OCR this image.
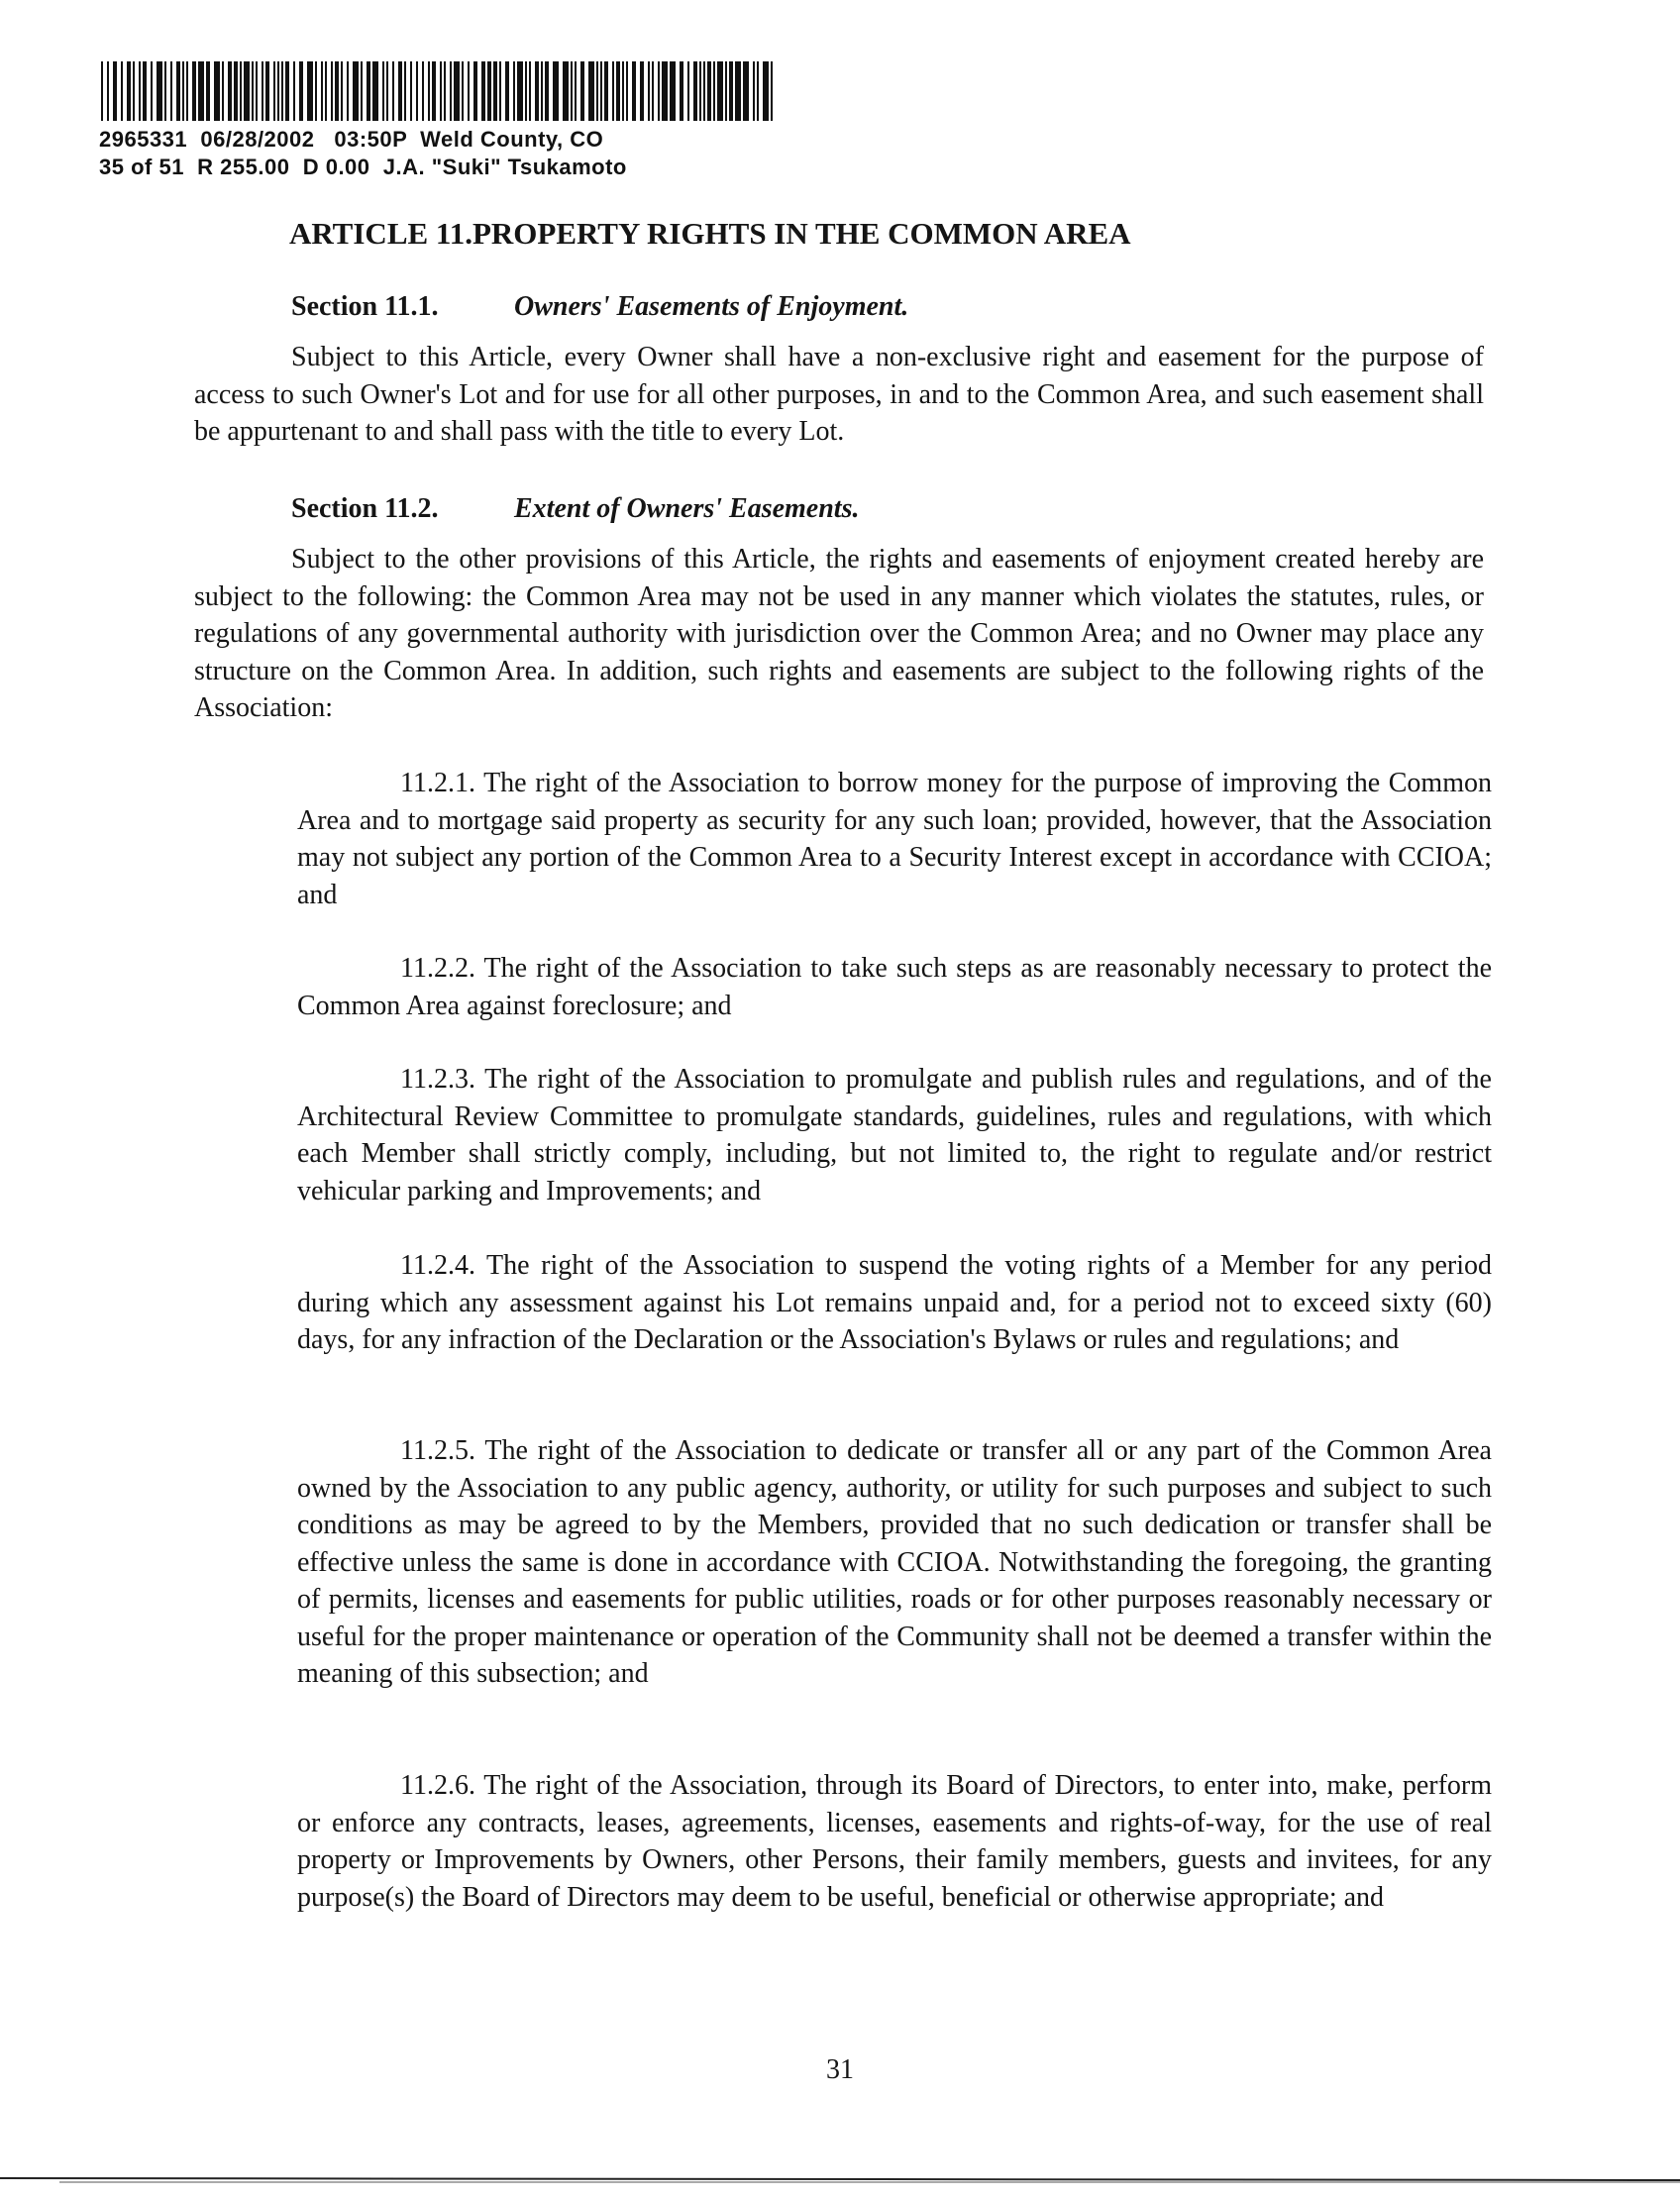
2965331 06/28/2002 03:50P Weld County, CO
35 of 51 R 255.00 D 0.00 J.A. "Suki" Tsukamoto
ARTICLE 11.PROPERTY RIGHTS IN THE COMMON AREA
Section 11.1.	Owners' Easements of Enjoyment.

Subject to this Article, every Owner shall have a non-exclusive right and easement for the purpose of access to such Owner's Lot and for use for all other purposes, in and to the Common Area, and such easement shall be appurtenant to and shall pass with the title to every Lot.

Section 11.2.	Extent of Owners' Easements.

Subject to the other provisions of this Article, the rights and easements of enjoyment created hereby are subject to the following: the Common Area may not be used in any manner which violates the statutes, rules, or regulations of any governmental authority with jurisdiction over the Common Area; and no Owner may place any structure on the Common Area. In addition, such rights and easements are subject to the following rights of the Association:

11.2.1. The right of the Association to borrow money for the purpose of improving the Common Area and to mortgage said property as security for any such loan; provided, however, that the Association may not subject any portion of the Common Area to a Security Interest except in accordance with CCIOA; and

11.2.2. The right of the Association to take such steps as are reasonably necessary to protect the Common Area against foreclosure; and

11.2.3. The right of the Association to promulgate and publish rules and regulations, and of the Architectural Review Committee to promulgate standards, guidelines, rules and regulations, with which each Member shall strictly comply, including, but not limited to, the right to regulate and/or restrict vehicular parking and Improvements; and

11.2.4. The right of the Association to suspend the voting rights of a Member for any period during which any assessment against his Lot remains unpaid and, for a period not to exceed sixty (60) days, for any infraction of the Declaration or the Association's Bylaws or rules and regulations; and

11.2.5. The right of the Association to dedicate or transfer all or any part of the Common Area owned by the Association to any public agency, authority, or utility for such purposes and subject to such conditions as may be agreed to by the Members, provided that no such dedication or transfer shall be effective unless the same is done in accordance with CCIOA. Notwithstanding the foregoing, the granting of permits, licenses and easements for public utilities, roads or for other purposes reasonably necessary or useful for the proper maintenance or operation of the Community shall not be deemed a transfer within the meaning of this subsection; and

11.2.6. The right of the Association, through its Board of Directors, to enter into, make, perform or enforce any contracts, leases, agreements, licenses, easements and rights-of-way, for the use of real property or Improvements by Owners, other Persons, their family members, guests and invitees, for any purpose(s) the Board of Directors may deem to be useful, beneficial or otherwise appropriate; and

31
